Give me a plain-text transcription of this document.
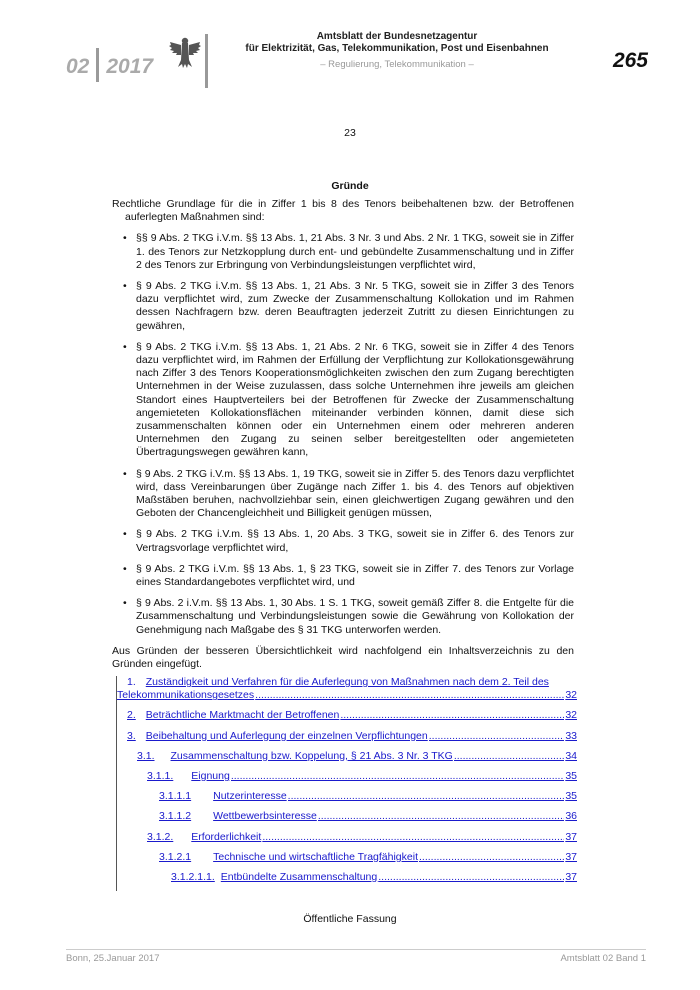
02 2017
Amtsblatt der Bundesnetzagentur
für Elektrizität, Gas, Telekommunikation, Post und Eisenbahnen
– Regulierung, Telekommunikation –	265
23
Gründe

Rechtliche Grundlage für die in Ziffer 1 bis 8 des Tenors beibehaltenen bzw. der Betroffenen auferlegten Maßnahmen sind:

• §§ 9 Abs. 2 TKG i.V.m. §§ 13 Abs. 1, 21 Abs. 3 Nr. 3 und Abs. 2 Nr. 1 TKG, soweit sie in Ziffer 1. des Tenors zur Netzkopplung durch ent- und gebündelte Zusammenschaltung und in Ziffer 2 des Tenors zur Erbringung von Verbindungsleistungen verpflichtet wird,
• § 9 Abs. 2 TKG i.V.m. §§ 13 Abs. 1, 21 Abs. 3 Nr. 5 TKG, soweit sie in Ziffer 3 des Tenors dazu verpflichtet wird, zum Zwecke der Zusammenschaltung Kollokation und im Rahmen dessen Nachfragern bzw. deren Beauftragten jederzeit Zutritt zu diesen Einrichtungen zu gewähren,
• § 9 Abs. 2 TKG i.V.m. §§ 13 Abs. 1, 21 Abs. 2 Nr. 6 TKG, soweit sie in Ziffer 4 des Tenors dazu verpflichtet wird, im Rahmen der Erfüllung der Verpflichtung zur Kollokationsgewährung nach Ziffer 3 des Tenors Kooperationsmöglichkeiten zwischen den zum Zugang berechtigten Unternehmen in der Weise zuzulassen, dass solche Unternehmen ihre jeweils am gleichen Standort eines Hauptverteilers bei der Betroffenen für Zwecke der Zusammenschaltung angemieteten Kollokationsflächen miteinander verbinden können, damit diese sich zusammenschalten können oder ein Unternehmen einem oder mehreren anderen Unternehmen den Zugang zu seinen selber bereitgestellten oder angemieteten Übertragungswegen gewähren kann,
• § 9 Abs. 2 TKG i.V.m. §§ 13 Abs. 1, 19 TKG, soweit sie in Ziffer 5. des Tenors dazu verpflichtet wird, dass Vereinbarungen über Zugänge nach Ziffer 1. bis 4. des Tenors auf objektiven Maßstäben beruhen, nachvollziehbar sein, einen gleichwertigen Zugang gewähren und den Geboten der Chancengleichheit und Billigkeit genügen müssen,
• § 9 Abs. 2 TKG i.V.m. §§ 13 Abs. 1, 20 Abs. 3 TKG, soweit sie in Ziffer 6. des Tenors zur Vertragsvorlage verpflichtet wird,
• § 9 Abs. 2 TKG i.V.m. §§ 13 Abs. 1, § 23 TKG, soweit sie in Ziffer 7. des Tenors zur Vorlage eines Standardangebotes verpflichtet wird, und
• § 9 Abs. 2 i.V.m. §§ 13 Abs. 1, 30 Abs. 1 S. 1 TKG, soweit gemäß Ziffer 8. die Entgelte für die Zusammenschaltung und Verbindungsleistungen sowie die Gewährung von Kollokation der Genehmigung nach Maßgabe des § 31 TKG unterworfen werden.

Aus Gründen der besseren Übersichtlichkeit wird nachfolgend ein Inhaltsverzeichnis zu den Gründen eingefügt.

1. Zuständigkeit und Verfahren für die Auferlegung von Maßnahmen nach dem 2. Teil des
Telekommunikationsgesetzes .....	32
2. Beträchtliche Marktmacht der Betroffenen .....	32
3. Beibehaltung und Auferlegung der einzelnen Verpflichtungen .....	33
3.1. Zusammenschaltung bzw. Koppelung, § 21 Abs. 3 Nr. 3 TKG .....	34
3.1.1. Eignung .....	35
3.1.1.1 Nutzerinteresse .....	35
3.1.1.2 Wettbewerbsinteresse .....	36
3.1.2. Erforderlichkeit .....	37
3.1.2.1 Technische und wirtschaftliche Tragfähigkeit .....	37
3.1.2.1.1. Entbündelte Zusammenschaltung .....	37
Öffentliche Fassung
Bonn, 25.Januar 2017	Amtsblatt 02 Band 1
